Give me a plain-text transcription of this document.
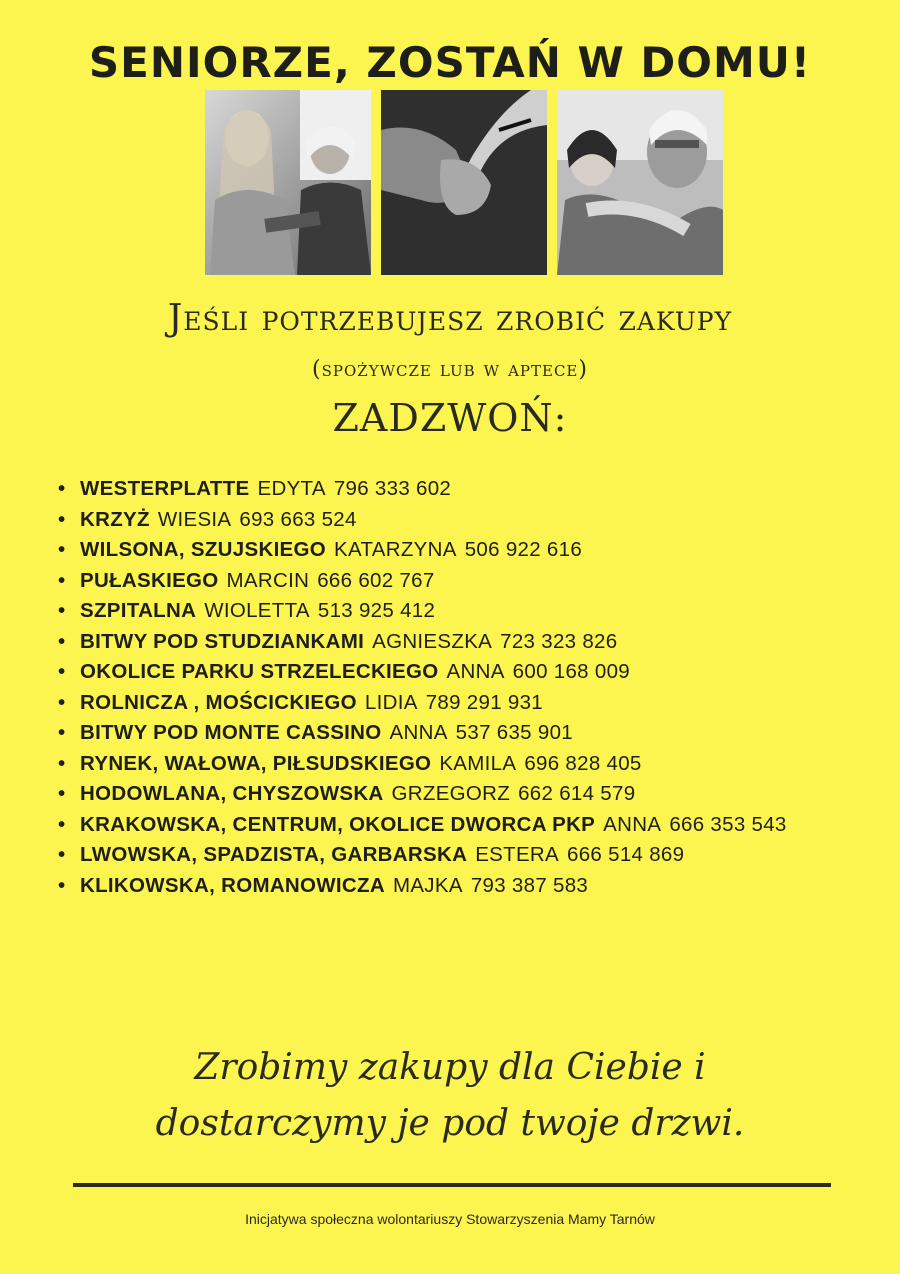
SENIORZE, ZOSTAŃ W DOMU!
Jeśli potrzebujesz zrobić zakupy
(spożywcze lub w aptece)
ZADZWOŃ:
• WESTERPLATTE EDYTA 796 333 602
• KRZYŻ WIESIA 693 663 524
• WILSONA, SZUJSKIEGO KATARZYNA 506 922 616
• PUŁASKIEGO MARCIN 666 602 767
• SZPITALNA WIOLETTA 513 925 412
• BITWY POD STUDZIANKAMI AGNIESZKA 723 323 826
• OKOLICE PARKU STRZELECKIEGO ANNA 600 168 009
• ROLNICZA , MOŚCICKIEGO LIDIA 789 291 931
• BITWY POD MONTE CASSINO ANNA 537 635 901
• RYNEK, WAŁOWA, PIŁSUDSKIEGO KAMILA 696 828 405
• HODOWLANA, CHYSZOWSKA GRZEGORZ 662 614 579
• KRAKOWSKA, CENTRUM, OKOLICE DWORCA PKP ANNA 666 353 543
• LWOWSKA, SPADZISTA, GARBARSKA ESTERA 666 514 869
• KLIKOWSKA, ROMANOWICZA MAJKA 793 387 583
Zrobimy zakupy dla Ciebie i
dostarczymy je pod twoje drzwi.
Inicjatywa społeczna wolontariuszy Stowarzyszenia Mamy Tarnów
